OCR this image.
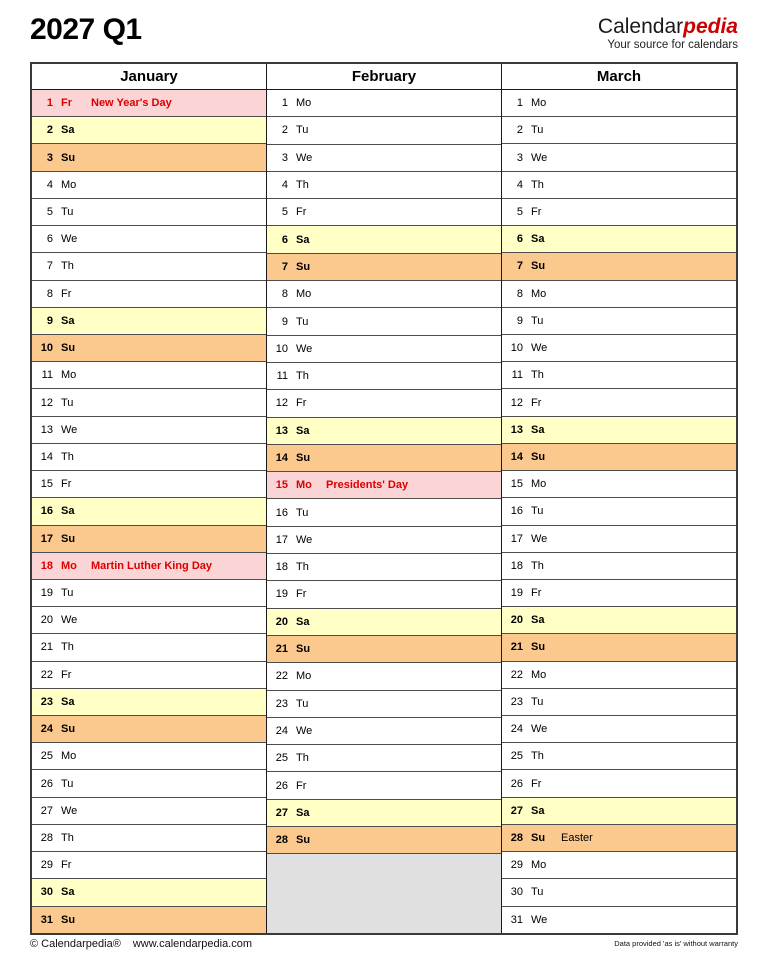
2027 Q1	Calendarpedia
Your source for calendars
January
1 Fr	New Year's Day
2 Sa
3 Su
4 Mo
5 Tu
6 We
7 Th
8 Fr
9 Sa
10 Su
11 Mo
12 Tu
13 We
14 Th
15 Fr
16 Sa
17 Su
18 Mo Martin Luther King Day
19 Tu
20 We
21 Th
22 Fr
23 Sa
24 Su
25 Mo
26 Tu
27 We
28 Th
29 Fr
30 Sa
31 Su
February
1 Mo
2 Tu
3 We
4 Th
5 Fr
6 Sa
7 Su
8 Mo
9 Tu
10 We
11 Th
12 Fr
13 Sa
14 Su
15 Mo Presidents' Day
16 Tu
17 We
18 Th
19 Fr
20 Sa
21 Su
22 Mo
23 Tu
24 We
25 Th
26 Fr
27 Sa
28 Su
March
1 Mo
2 Tu
3 We
4 Th
5 Fr
6 Sa
7 Su
8 Mo
9 Tu
10 We
11 Th
12 Fr
13 Sa
14 Su
15 Mo
16 Tu
17 We
18 Th
19 Fr
20 Sa
21 Su
22 Mo
23 Tu
24 We
25 Th
26 Fr
27 Sa
28 Su	Easter
29 Mo
30 Tu
31 We
© Calendarpedia® www.calendarpedia.com	Data provided 'as is' without warranty
